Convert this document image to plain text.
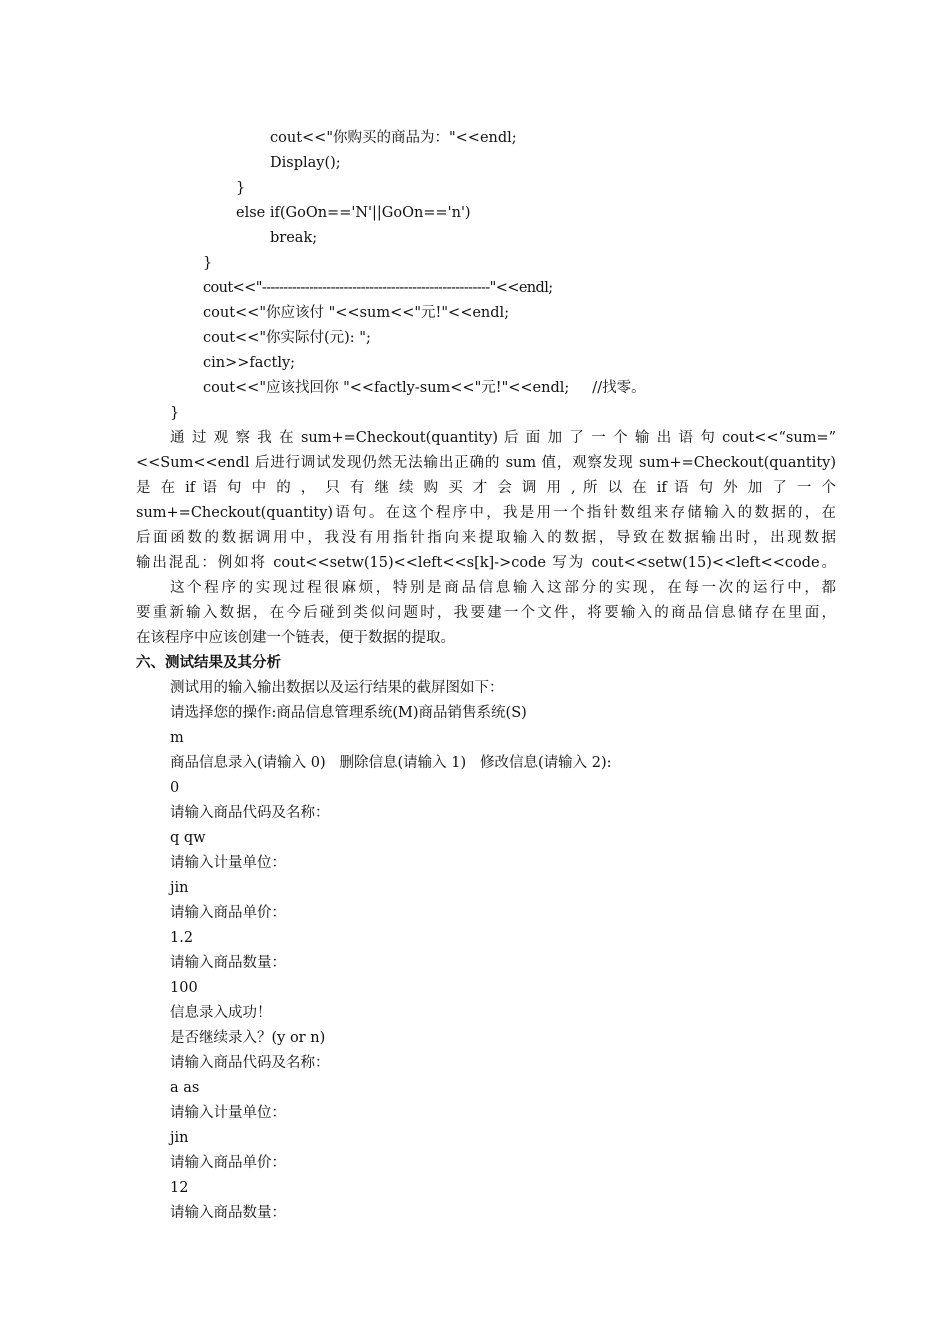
cout<<"你购买的商品为："<<endl;
Display();
}
else if(GoOn=='N'||GoOn=='n')
break;
}
cout<<"-----------------------------------------------------"<<endl;
cout<<"你应该付 "<<sum<<"元!"<<endl;
cout<<"你实际付(元): ";
cin>>factly;
cout<<"应该找回你 "<<factly-sum<<"元!"<<endl;     //找零。
}
通 过 观 察 我 在 sum+=Checkout(quantity) 后 面 加 了 一 个 输 出 语 句 cout<<“sum=”
<<Sum<<endl 后进行调试发现仍然无法输出正确的 sum 值，观察发现 sum+=Checkout(quantity)
是 在 if 语 句 中 的 ， 只 有 继 续 购 买 才 会 调 用 , 所 以 在 if 语 句 外 加 了 一 个
sum+=Checkout(quantity)语句。在这个程序中，我是用一个指针数组来存储输入的数据的，在
后面函数的数据调用中，我没有用指针指向来提取输入的数据，导致在数据输出时，出现数据
输出混乱：例如将 cout<<setw(15)<<left<<s[k]->code 写为 cout<<setw(15)<<left<<code。
这个程序的实现过程很麻烦，特别是商品信息输入这部分的实现，在每一次的运行中，都
要重新输入数据，在今后碰到类似问题时，我要建一个文件，将要输入的商品信息储存在里面，
在该程序中应该创建一个链表，便于数据的提取。
六、测试结果及其分析
测试用的输入输出数据以及运行结果的截屏图如下：
请选择您的操作:商品信息管理系统(M)商品销售系统(S)
m
商品信息录入(请输入 0)   删除信息(请输入 1)   修改信息(请输入 2):
0
请输入商品代码及名称：
q qw
请输入计量单位：
jin
请输入商品单价：
1.2
请输入商品数量：
100
信息录入成功！
是否继续录入？(y or n)
请输入商品代码及名称：
a as
请输入计量单位：
jin
请输入商品单价：
12
请输入商品数量：
